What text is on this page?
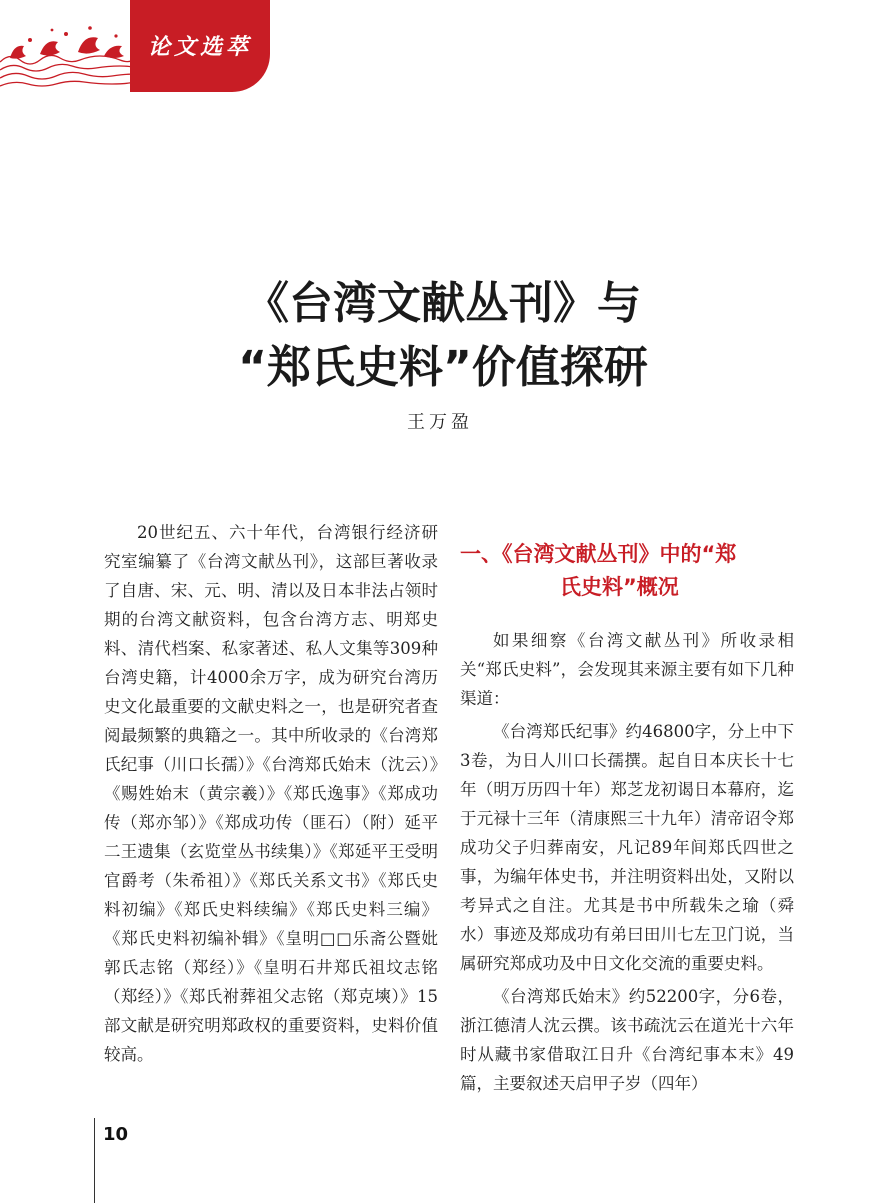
论文选萃
《台湾文献丛刊》与
“郑氏史料”价值探研
王万盈

20世纪五、六十年代，台湾银行经济研究室编纂了《台湾文献丛刊》，这部巨著收录了自唐、宋、元、明、清以及日本非法占领时期的台湾文献资料，包含台湾方志、明郑史料、清代档案、私家著述、私人文集等309种台湾史籍，计4000余万字，成为研究台湾历史文化最重要的文献史料之一，也是研究者查阅最频繁的典籍之一。其中所收录的《台湾郑氏纪事（川口长孺）》《台湾郑氏始末（沈云）》《赐姓始末（黄宗羲）》《郑氏逸事》《郑成功传（郑亦邹）》《郑成功传（匪石）（附）延平二王遗集（玄览堂丛书续集）》《郑延平王受明官爵考（朱希祖）》《郑氏关系文书》《郑氏史料初编》《郑氏史料续编》《郑氏史料三编》《郑氏史料初编补辑》《皇明□□乐斋公暨妣郭氏志铭（郑经）》《皇明石井郑氏祖坟志铭（郑经）》《郑氏祔葬祖父志铭（郑克塽）》15部文献是研究明郑政权的重要资料，史料价值较高。

一、《台湾文献丛刊》中的“郑
氏史料”概况

如果细察《台湾文献丛刊》所收录相关“郑氏史料”，会发现其来源主要有如下几种渠道：

《台湾郑氏纪事》约46800字，分上中下3卷，为日人川口长孺撰。起自日本庆长十七年（明万历四十年）郑芝龙初谒日本幕府，迄于元禄十三年（清康熙三十九年）清帝诏令郑成功父子归葬南安，凡记89年间郑氏四世之事，为编年体史书，并注明资料出处，又附以考异式之自注。尤其是书中所载朱之瑜（舜水）事迹及郑成功有弟曰田川七左卫门说，当属研究郑成功及中日文化交流的重要史料。

《台湾郑氏始末》约52200字，分6卷，浙江德清人沈云撰。该书疏沈云在道光十六年时从藏书家借取江日升《台湾纪事本末》49篇，主要叙述天启甲子岁（四年）

10
